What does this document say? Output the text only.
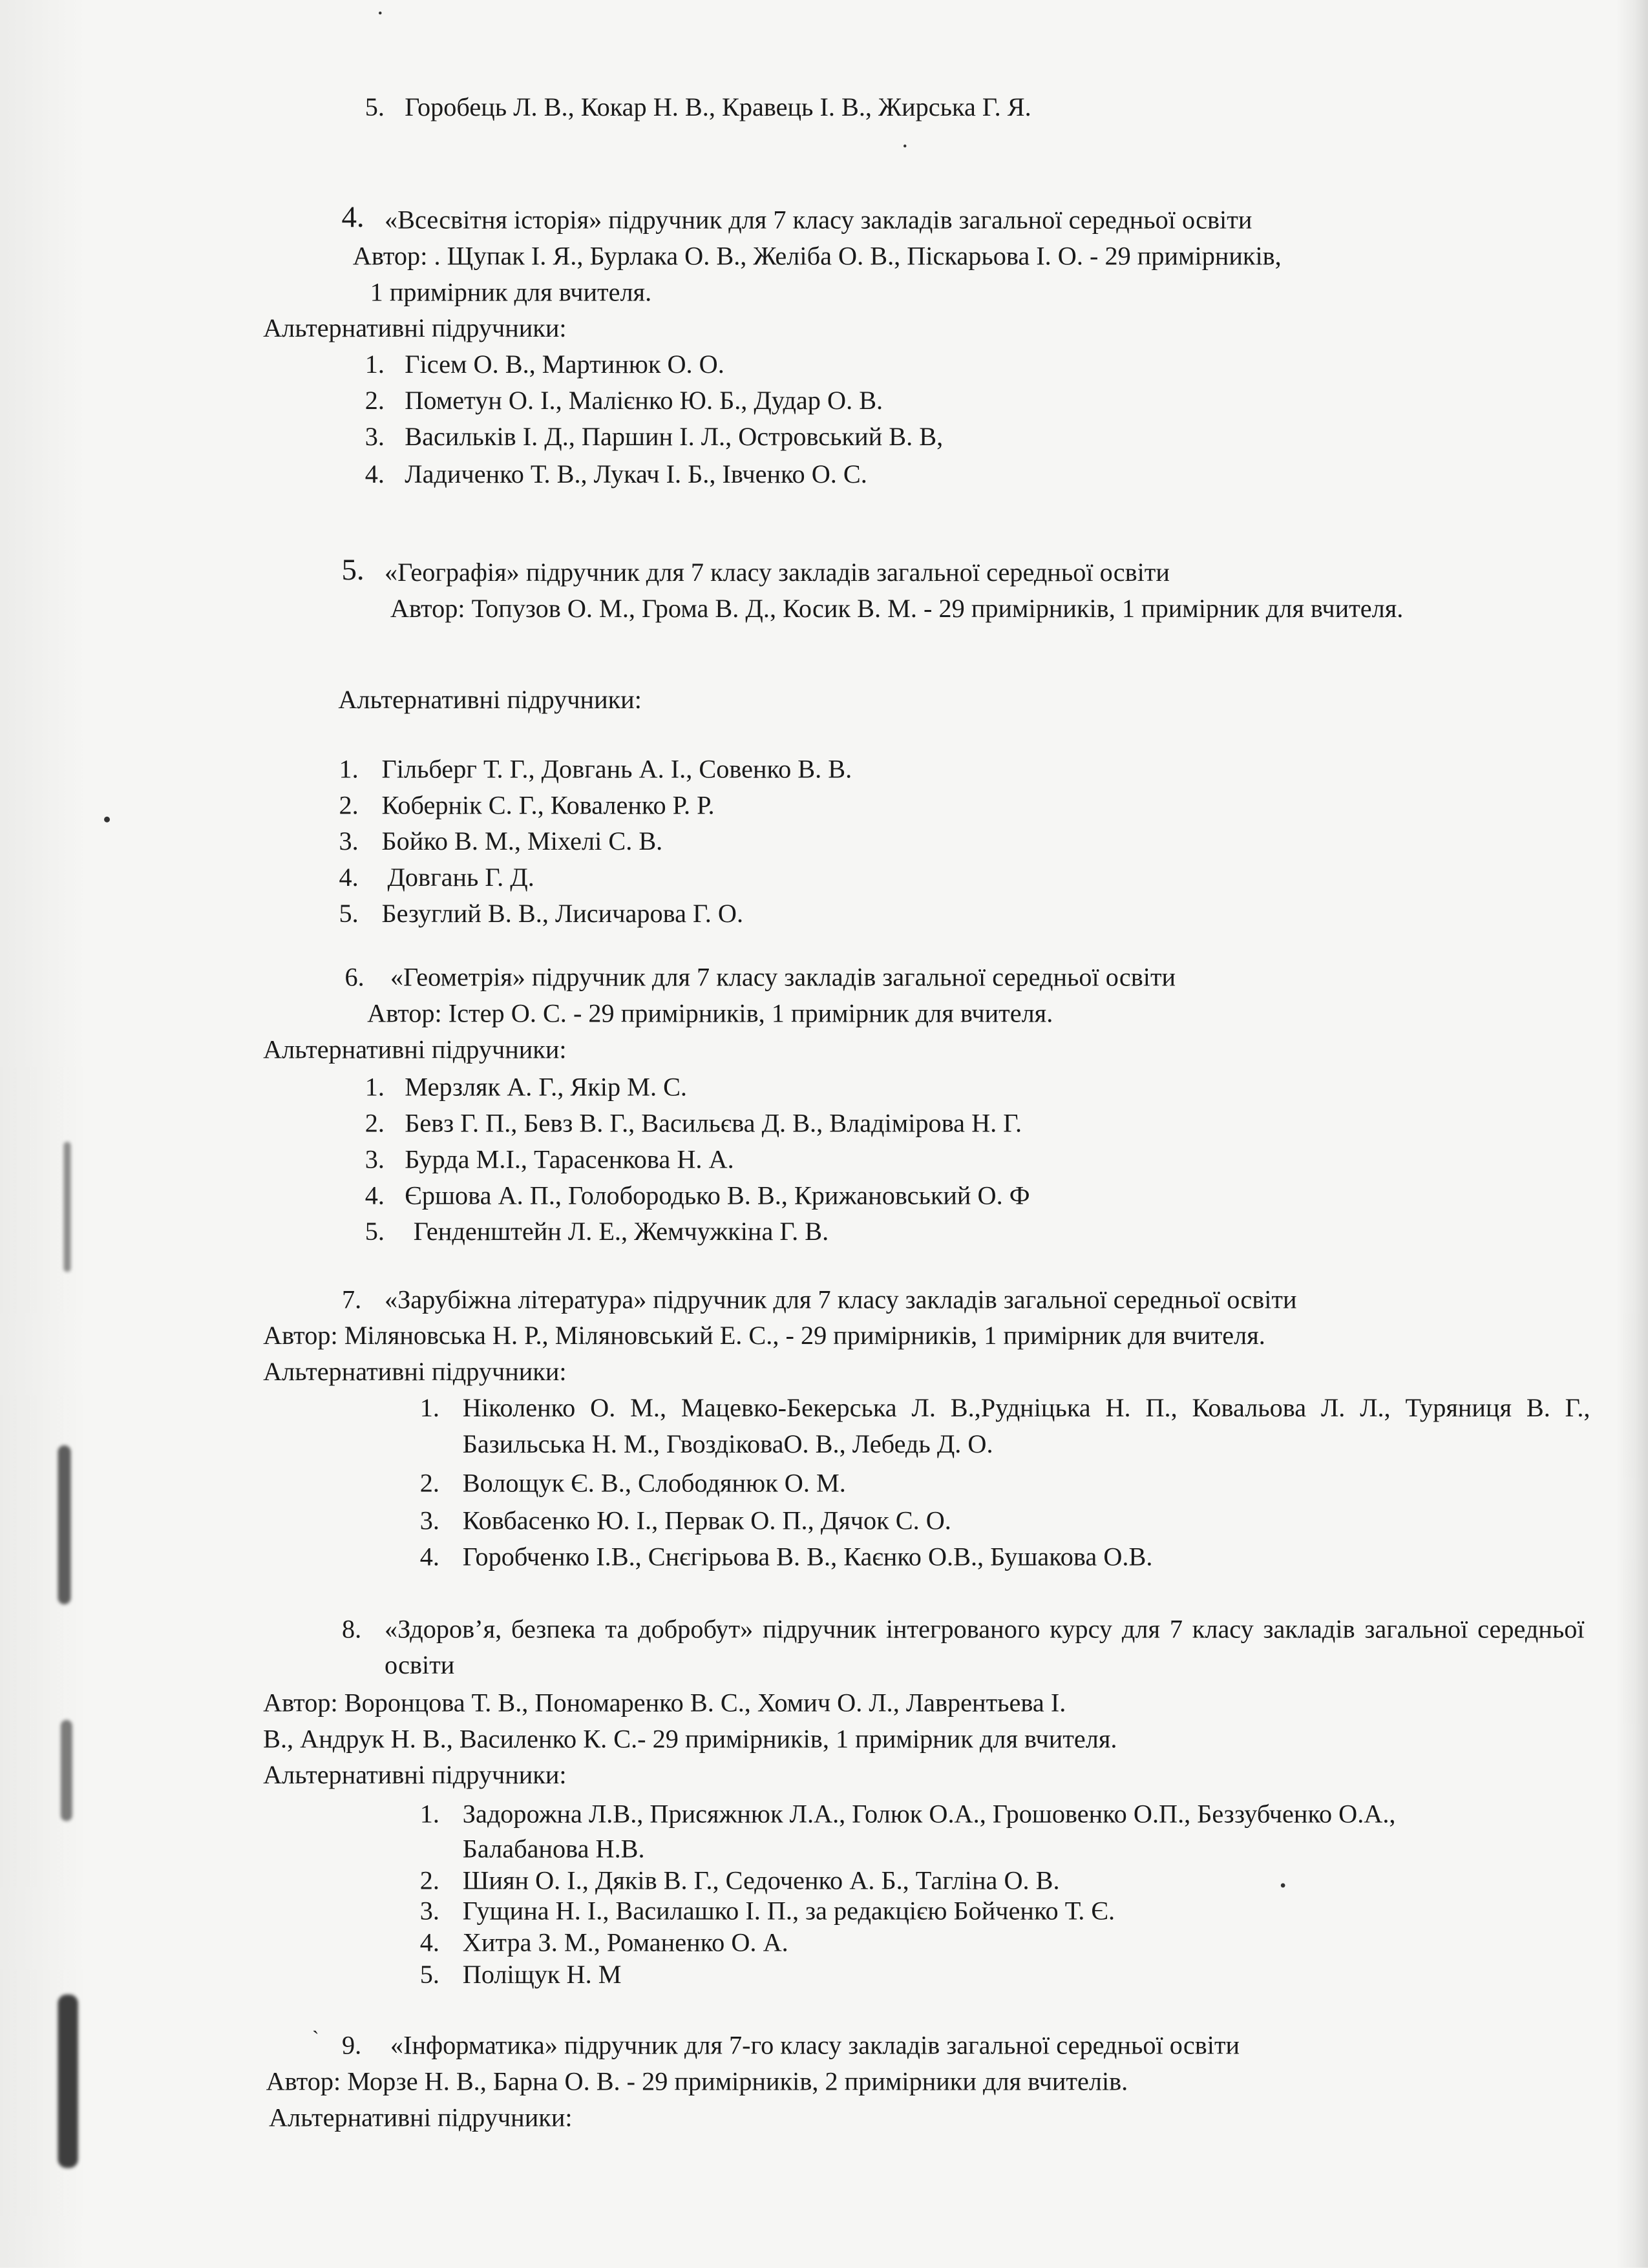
5. Горобець Л. В., Кокар Н. В., Кравець І. В., Жирська Г. Я.
4. «Всесвітня історія» підручник для 7 класу закладів загальної середньої освіти
Автор: . Щупак І. Я., Бурлака О. В., Желіба О. В., Піскарьова І. О. - 29 примірників,
1 примірник для вчителя.
Альтернативні підручники:
1. Гісем О. В., Мартинюк О. О.
2. Пометун О. І., Малієнко Ю. Б., Дудар О. В.
3. Васильків І. Д., Паршин І. Л., Островський В. В,
4. Ладиченко Т. В., Лукач І. Б., Івченко О. С.
5. «Географія» підручник для 7 класу закладів загальної середньої освіти
Автор: Топузов О. М., Грома В. Д., Косик В. М. - 29 примірників, 1 примірник для вчителя.
Альтернативні підручники:
1. Гільберг Т. Г., Довгань А. І., Совенко В. В.
2. Кобернік С. Г., Коваленко Р. Р.
3. Бойко В. М., Міхелі С. В.
4. Довгань Г. Д.
5. Безуглий В. В., Лисичарова Г. О.
6. «Геометрія» підручник для 7 класу закладів загальної середньої освіти
Автор: Істер О. С. - 29 примірників, 1 примірник для вчителя.
Альтернативні підручники:
1. Мерзляк А. Г., Якір М. С.
2. Бевз Г. П., Бевз В. Г., Васильєва Д. В., Владімірова Н. Г.
3. Бурда М.І., Тарасенкова Н. А.
4. Єршова А. П., Голобородько В. В., Крижановський О. Ф
5. Генденштейн Л. Е., Жемчужкіна Г. В.
7. «Зарубіжна література» підручник для 7 класу закладів загальної середньої освіти
Автор: Міляновська Н. Р., Міляновський Е. С., - 29 примірників, 1 примірник для вчителя.
Альтернативні підручники:
1. Ніколенко О. М., Мацевко-Бекерська Л. В.,Рудніцька Н. П., Ковальова Л. Л., Туряниця В. Г., Базильська Н. М., ГвоздіковаО. В., Лебедь Д. О.
2. Волощук Є. В., Слободянюк О. М.
3. Ковбасенко Ю. І., Первак О. П., Дячок С. О.
4. Горобченко І.В., Снєгірьова В. В., Каєнко О.В., Бушакова О.В.
8. «Здоров’я, безпека та добробут» підручник інтегрованого курсу для 7 класу закладів загальної середньої освіти
Автор: Воронцова Т. В., Пономаренко В. С., Хомич О. Л., Лаврентьева І.
В., Андрук Н. В., Василенко К. С.- 29 примірників, 1 примірник для вчителя.
Альтернативні підручники:
1. Задорожна Л.В., Присяжнюк Л.А., Голюк О.А., Грошовенко О.П., Беззубченко О.А., Балабанова Н.В.
2. Шиян О. І., Дяків В. Г., Седоченко А. Б., Тагліна О. В.
3. Гущина Н. І., Василашко І. П., за редакцією Бойченко Т. Є.
4. Хитра З. М., Романенко О. А.
5. Поліщук Н. М
`	9. «Інформатика» підручник для 7-го класу закладів загальної середньої освіти
Автор: Морзе Н. В., Барна О. В. - 29 примірників, 2 примірники для вчителів.
Альтернативні підручники:
